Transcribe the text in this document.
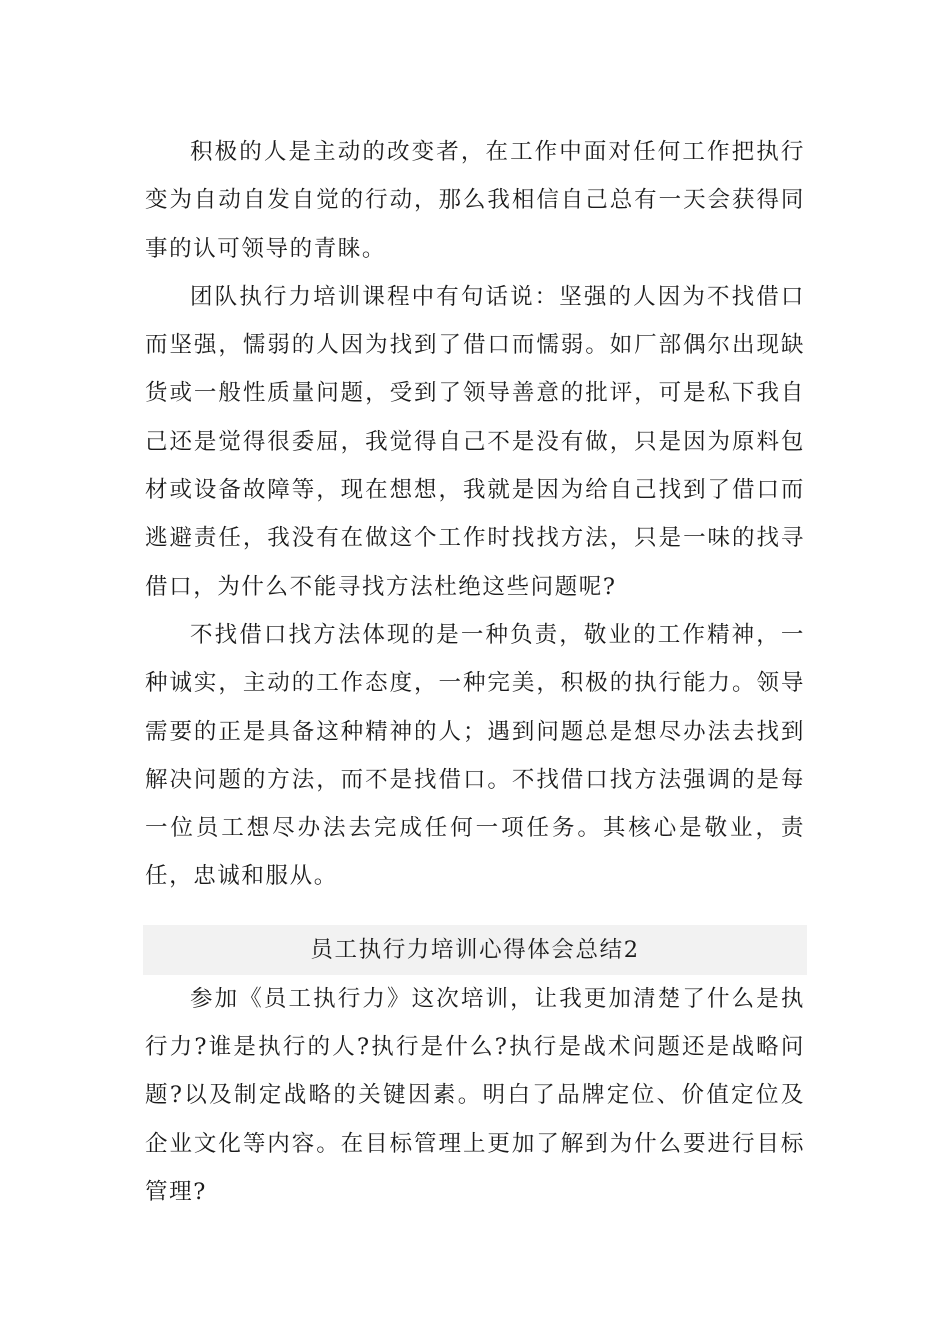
积极的人是主动的改变者，在工作中面对任何工作把执行变为自动自发自觉的行动，那么我相信自己总有一天会获得同事的认可领导的青睐。

团队执行力培训课程中有句话说：坚强的人因为不找借口而坚强，懦弱的人因为找到了借口而懦弱。如厂部偶尔出现缺货或一般性质量问题，受到了领导善意的批评，可是私下我自己还是觉得很委屈，我觉得自己不是没有做，只是因为原料包材或设备故障等，现在想想，我就是因为给自己找到了借口而逃避责任，我没有在做这个工作时找找方法，只是一味的找寻借口，为什么不能寻找方法杜绝这些问题呢?

不找借口找方法体现的是一种负责，敬业的工作精神，一种诚实，主动的工作态度，一种完美，积极的执行能力。领导需要的正是具备这种精神的人；遇到问题总是想尽办法去找到解决问题的方法，而不是找借口。不找借口找方法强调的是每一位员工想尽办法去完成任何一项任务。其核心是敬业，责任，忠诚和服从。

员工执行力培训心得体会总结2

参加《员工执行力》这次培训，让我更加清楚了什么是执行力?谁是执行的人?执行是什么?执行是战术问题还是战略问题?以及制定战略的关键因素。明白了品牌定位、价值定位及企业文化等内容。在目标管理上更加了解到为什么要进行目标管理?
